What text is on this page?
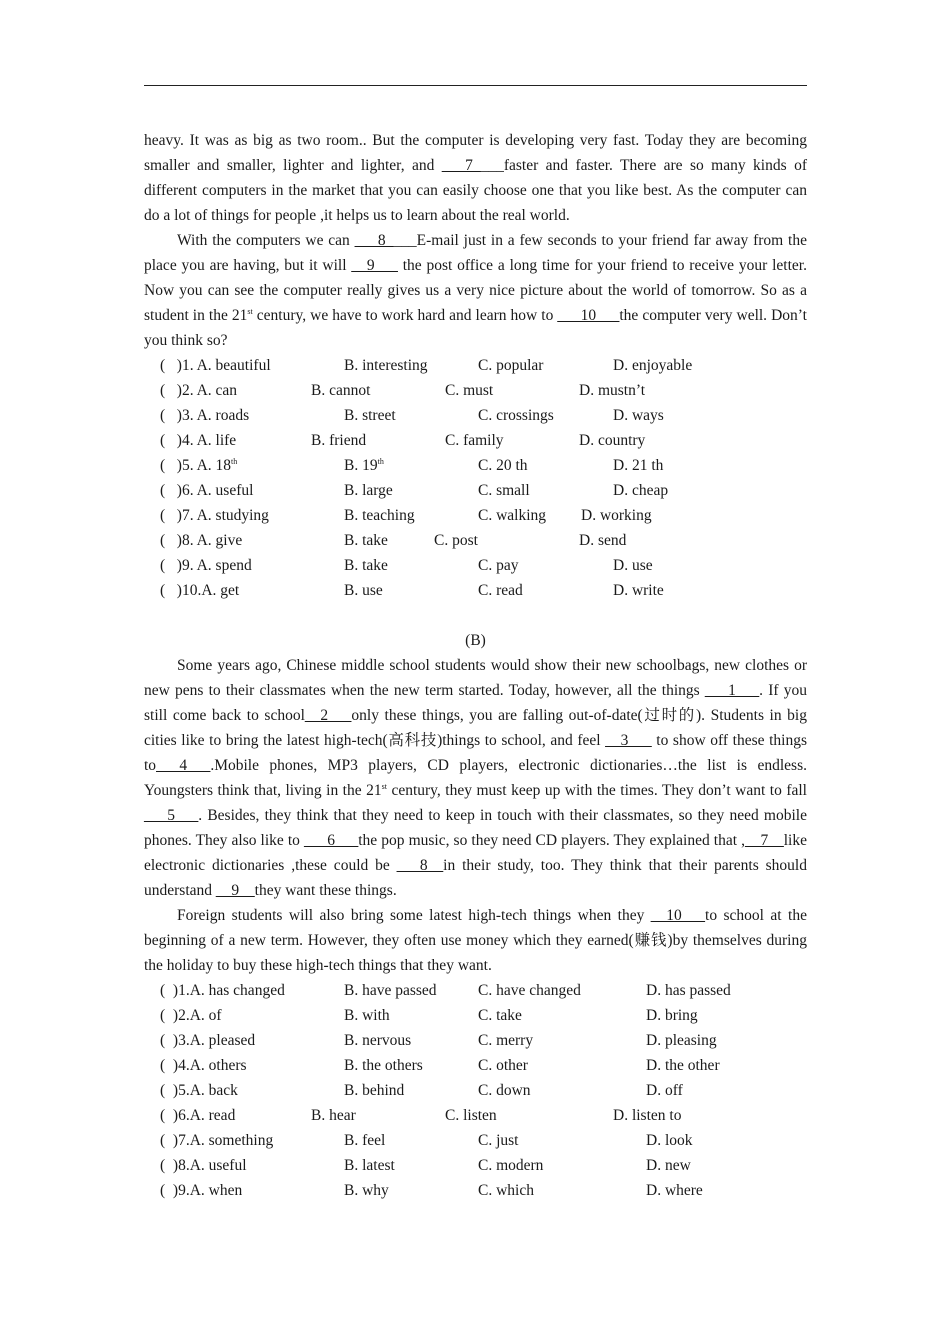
heavy. It was as big as two room.. But the computer is developing very fast. Today they are becoming smaller and smaller, lighter and lighter, and ___7____faster and faster. There are so many kinds of different computers in the market that you can easily choose one that you like best. As the computer can do a lot of things for people ,it helps us to learn about the real world.

With the computers we can ___8____E-mail just in a few seconds to your friend far away from the place you are having, but it will __9___ the post office a long time for your friend to receive your letter. Now you can see the computer really gives us a very nice picture about the world of tomorrow. So as a student in the 21st century, we have to work hard and learn how to ___10___the computer very well. Don’t you think so?

(   )1. A. beautiful	B. interesting	C. popular	D. enjoyable
(   )2. A. can	B. cannot	C. must	D. mustn’t
(   )3. A. roads	B. street	C. crossings	D. ways
(   )4. A. life	B. friend	C. family	D. country
(   )5. A. 18th	B. 19th	C. 20 th	D. 21 th
(   )6. A. useful	B. large	C. small	D. cheap
(   )7. A. studying	B. teaching	C. walking D. working
(   )8. A. give	B. take	C. post	D. send
(   )9. A. spend	B. take	C. pay	D. use
(   )10.A. get	B. use	C. read	D. write
(B)

Some years ago, Chinese middle school students would show their new schoolbags, new clothes or new pens to their classmates when the new term started. Today, however, all the things ___1___. If you still come back to school__2___only these things, you are falling out-of-date(过时的). Students in big cities like to bring the latest high-tech(高科技)things to school, and feel __3___ to show off these things to___4___.Mobile phones, MP3 players, CD players, electronic dictionaries…the list is endless. Youngsters think that, living in the 21st century, they must keep up with the times. They don’t want to fall ___5___. Besides, they think that they need to keep in touch with their classmates, so they need mobile phones. They also like to ___6___the pop music, so they need CD players. They explained that ,__7__like electronic dictionaries ,these could be ___8__in their study, too. They think that their parents should understand __9__they want these things.

Foreign students will also bring some latest high-tech things when they __10___to school at the beginning of a new term. However, they often use money which they earned(赚钱)by themselves during the holiday to buy these high-tech things that they want.

(  )1.A. has changed	B. have passed	C. have changed	D. has passed
(  )2.A. of	B. with	C. take	D. bring
(  )3.A. pleased	B. nervous	C. merry	D. pleasing
(  )4.A. others	B. the others	C. other	D. the other
(  )5.A. back	B. behind	C. down	D. off
(  )6.A. read	B. hear	C. listen	D. listen to
(  )7.A. something	B. feel	C. just	D. look
(  )8.A. useful	B. latest	C. modern	D. new
(  )9.A. when	B. why	C. which	D. where
